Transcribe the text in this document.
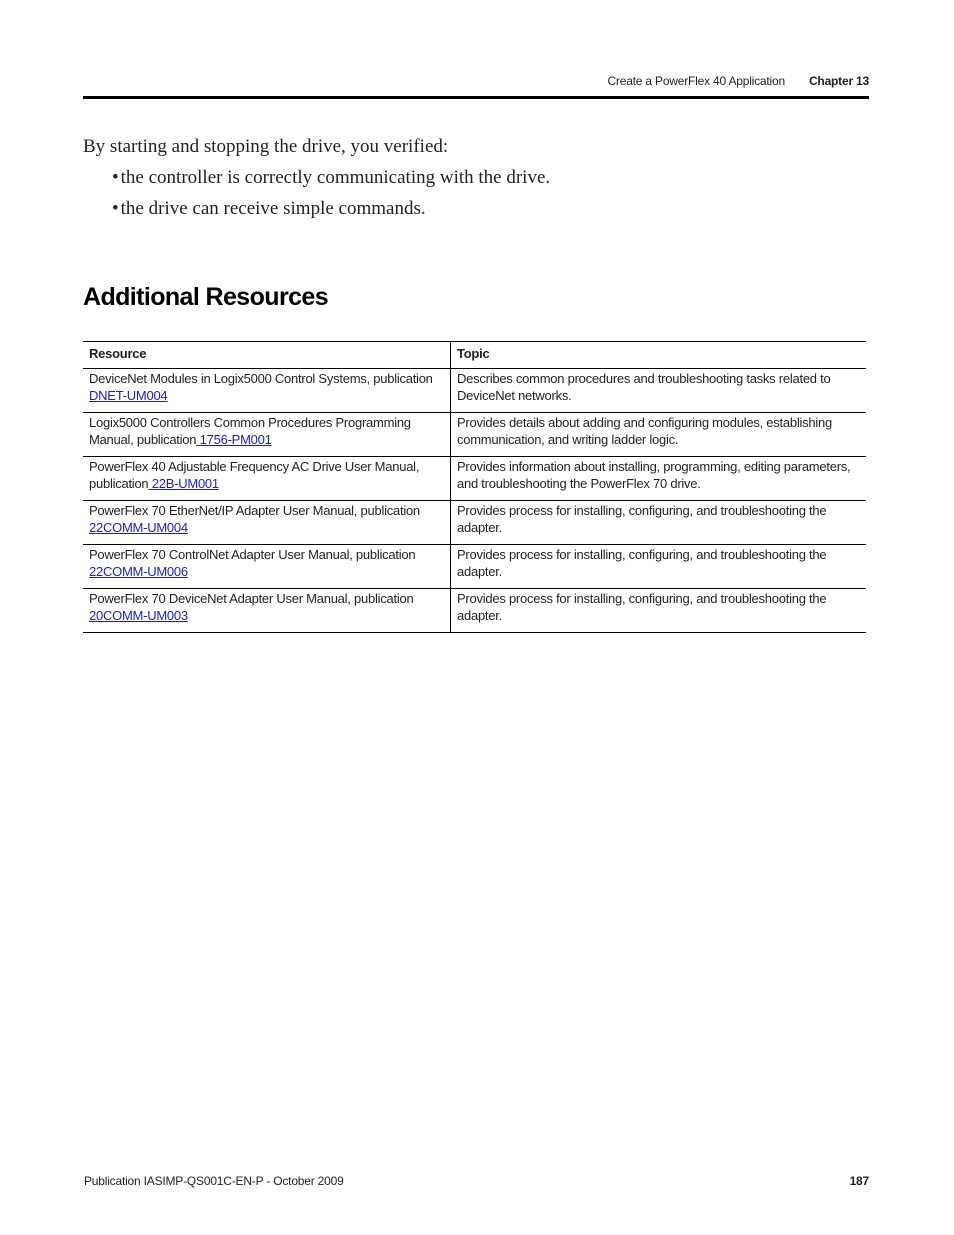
Create a PowerFlex 40 Application Chapter 13
By starting and stopping the drive, you verified:
• the controller is correctly communicating with the drive.
• the drive can receive simple commands.
Additional Resources
Resource	Topic
DeviceNet Modules in Logix5000 Control Systems, publication DNET-UM004	Describes common procedures and troubleshooting tasks related to DeviceNet networks.
Logix5000 Controllers Common Procedures Programming Manual, publication 1756-PM001	Provides details about adding and configuring modules, establishing communication, and writing ladder logic.
PowerFlex 40 Adjustable Frequency AC Drive User Manual, publication 22B-UM001	Provides information about installing, programming, editing parameters, and troubleshooting the PowerFlex 70 drive.
PowerFlex 70 EtherNet/IP Adapter User Manual, publication 22COMM-UM004	Provides process for installing, configuring, and troubleshooting the adapter.
PowerFlex 70 ControlNet Adapter User Manual, publication 22COMM-UM006	Provides process for installing, configuring, and troubleshooting the adapter.
PowerFlex 70 DeviceNet Adapter User Manual, publication 20COMM-UM003	Provides process for installing, configuring, and troubleshooting the adapter.
Publication IASIMP-QS001C-EN-P - October 2009	187
